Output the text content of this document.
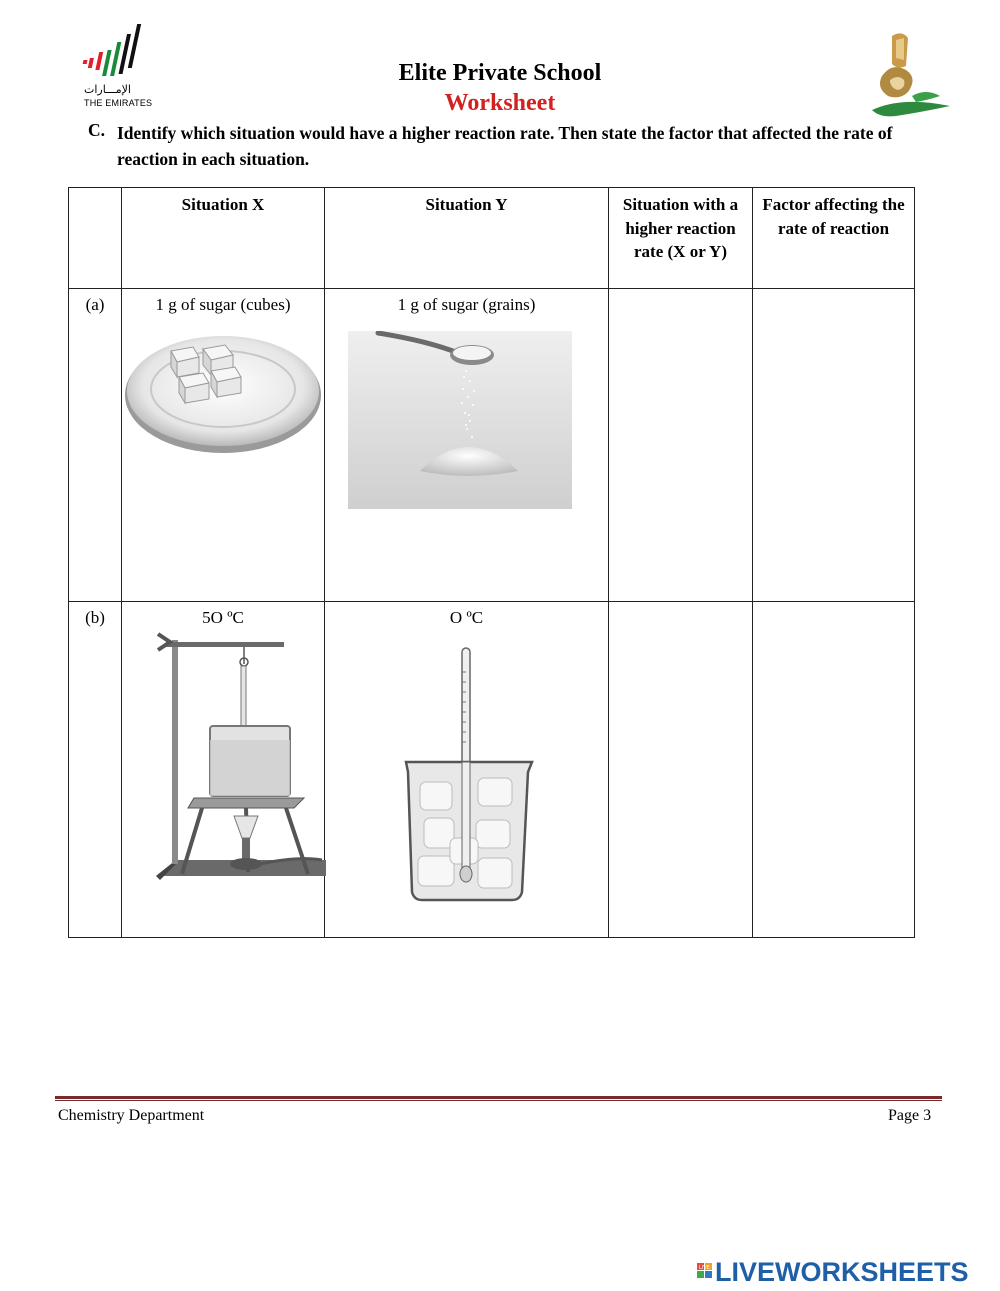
الإمـــارات
THE EMIRATES
Elite Private School
Worksheet
C. Identify which situation would have a higher reaction rate. Then state the factor that affected the rate of reaction in each situation.
	Situation X	Situation Y	Situation with a higher reaction rate (X or Y)	Factor affecting the rate of reaction
(a)	1 g of sugar (cubes)	1 g of sugar (grains)		

(b)	5O ºC	O ºC		

Chemistry Department	Page 3
LIVE LIVEWORKSHEETS
